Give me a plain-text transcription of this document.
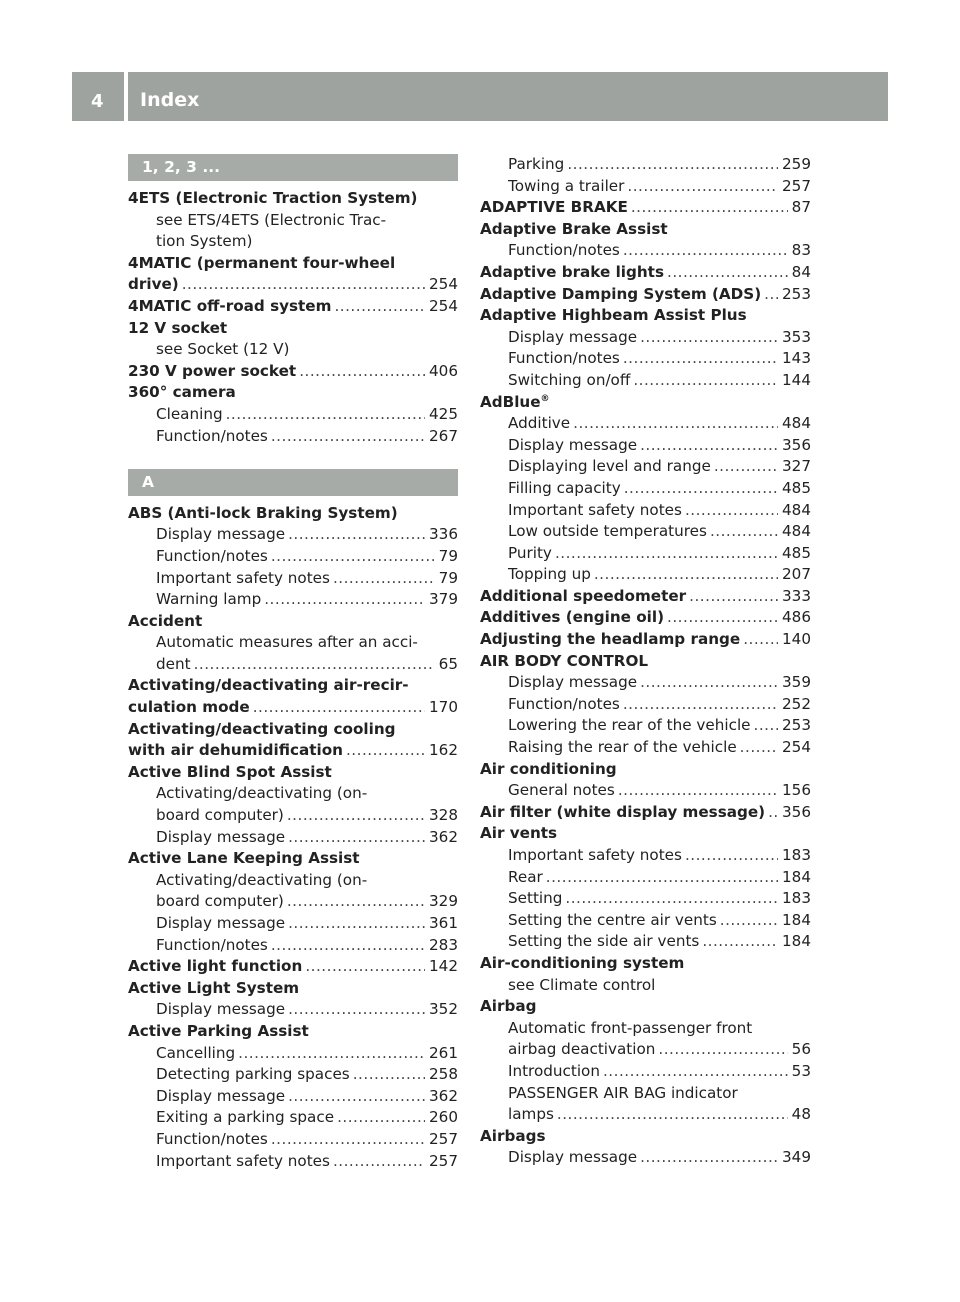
4 Index
1, 2, 3 ...
4ETS (Electronic Traction System)
see ETS/4ETS (Electronic Trac-
tion System)
4MATIC (permanent four-wheel
drive) .....	254
4MATIC off-road system .....	254
12 V socket
see Socket (12 V)
230 V power socket .....	406
360° camera
Cleaning .....	425
Function/notes .....	267
A
ABS (Anti-lock Braking System)
Display message .....	336
Function/notes .....	79
Important safety notes .....	79
Warning lamp .....	379
Accident
Automatic measures after an acci-
dent .....	65
Activating/deactivating air-recir-
culation mode .....	170
Activating/deactivating cooling
with air dehumidification .....	162
Active Blind Spot Assist
Activating/deactivating (on-
board computer) .....	328
Display message .....	362
Active Lane Keeping Assist
Activating/deactivating (on-
board computer) .....	329
Display message .....	361
Function/notes .....	283
Active light function .....	142
Active Light System
Display message .....	352
Active Parking Assist
Cancelling .....	261
Detecting parking spaces .....	258
Display message .....	362
Exiting a parking space .....	260
Function/notes .....	257
Important safety notes .....	257
Parking .....	259
Towing a trailer .....	257
ADAPTIVE BRAKE .....	87
Adaptive Brake Assist
Function/notes .....	83
Adaptive brake lights .....	84
Adaptive Damping System (ADS) ..... 253
Adaptive Highbeam Assist Plus
Display message .....	353
Function/notes .....	143
Switching on/off .....	144
AdBlue®
Additive .....	484
Display message .....	356
Displaying level and range .....	327
Filling capacity .....	485
Important safety notes .....	484
Low outside temperatures .....	484
Purity .....	485
Topping up .....	207
Additional speedometer .....	333
Additives (engine oil) .....	486
Adjusting the headlamp range .....	140
AIR BODY CONTROL
Display message .....	359
Function/notes .....	252
Lowering the rear of the vehicle ..... 253
Raising the rear of the vehicle .....	254
Air conditioning
General notes .....	156
Air filter (white display message) ..... 356
Air vents
Important safety notes .....	183
Rear .....	184
Setting .....	183
Setting the centre air vents .....	184
Setting the side air vents .....	184
Air-conditioning system
see Climate control
Airbag
Automatic front-passenger front
airbag deactivation .....	56
Introduction .....	53
PASSENGER AIR BAG indicator
lamps .....	48
Airbags
Display message .....	349
